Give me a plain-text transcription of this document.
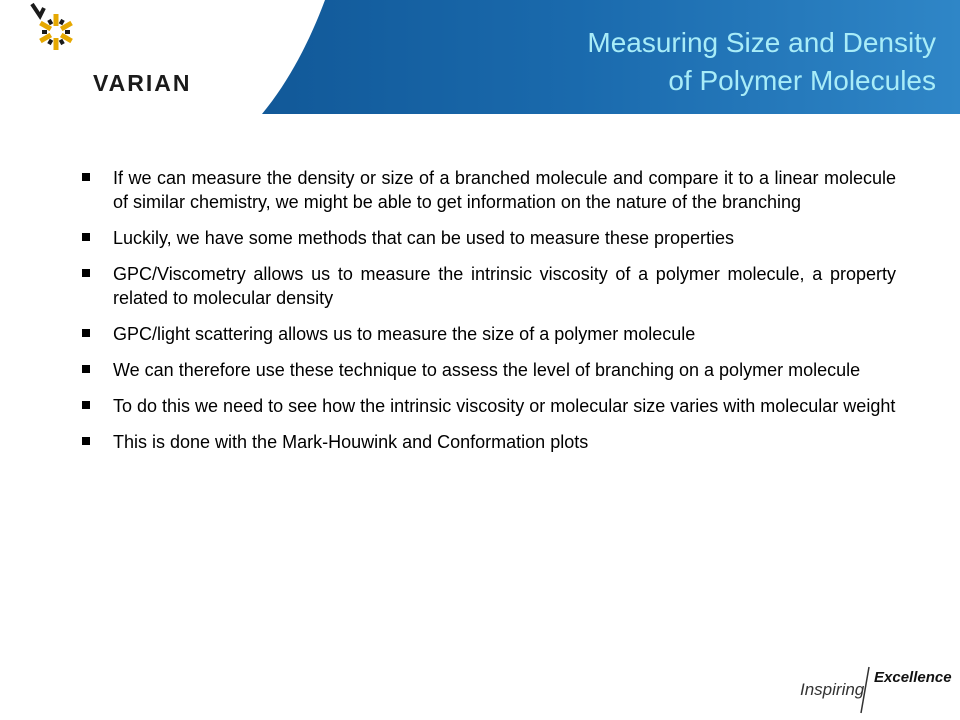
VARIAN
Measuring Size and Density
of Polymer Molecules
If we can measure the density or size of a branched molecule and compare it to a linear molecule of similar chemistry, we might be able to get information on the nature of the branching
Luckily, we have some methods that can be used to measure these properties
GPC/Viscometry allows us to measure the intrinsic viscosity of a polymer molecule, a property related to molecular density
GPC/light scattering allows us to measure the size of a polymer molecule
We can therefore use these technique to assess the level of branching on a polymer molecule
To do this we need to see how the intrinsic viscosity or molecular size varies with molecular weight
This is done with the Mark-Houwink and Conformation plots
Inspiring
Excellence
